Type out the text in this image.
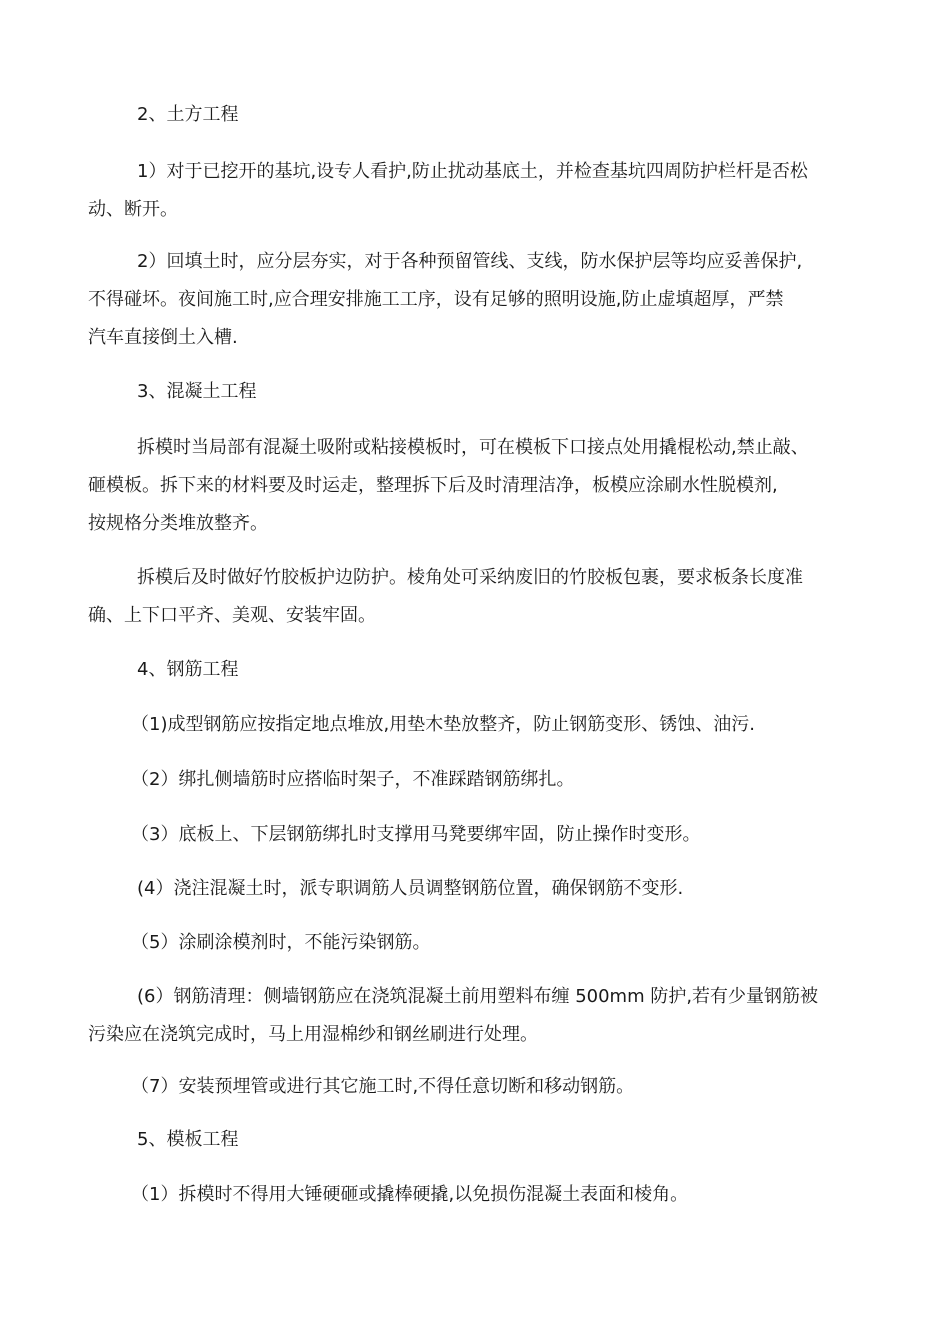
2、土方工程
1）对于已挖开的基坑,设专人看护,防止扰动基底土，并检查基坑四周防护栏杆是否松
动、断开。
2）回填土时，应分层夯实，对于各种预留管线、支线，防水保护层等均应妥善保护,
不得碰坏。夜间施工时,应合理安排施工工序，设有足够的照明设施,防止虚填超厚，严禁
汽车直接倒土入槽.
3、混凝土工程
拆模时当局部有混凝土吸附或粘接模板时，可在模板下口接点处用撬棍松动,禁止敲、
砸模板。拆下来的材料要及时运走，整理拆下后及时清理洁净，板模应涂刷水性脱模剂,
按规格分类堆放整齐。
拆模后及时做好竹胶板护边防护。棱角处可采纳废旧的竹胶板包裹，要求板条长度准
确、上下口平齐、美观、安装牢固。
4、钢筋工程
（1)成型钢筋应按指定地点堆放,用垫木垫放整齐，防止钢筋变形、锈蚀、油污.
（2）绑扎侧墙筋时应搭临时架子，不准踩踏钢筋绑扎。
（3）底板上、下层钢筋绑扎时支撑用马凳要绑牢固，防止操作时变形。
(4）浇注混凝土时，派专职调筋人员调整钢筋位置，确保钢筋不变形.
（5）涂刷涂模剂时，不能污染钢筋。
(6）钢筋清理：侧墙钢筋应在浇筑混凝土前用塑料布缠 500mm 防护,若有少量钢筋被
污染应在浇筑完成时，马上用湿棉纱和钢丝刷进行处理。
（7）安装预埋管或进行其它施工时,不得任意切断和移动钢筋。
5、模板工程
（1）拆模时不得用大锤硬砸或撬棒硬撬,以免损伤混凝土表面和棱角。
